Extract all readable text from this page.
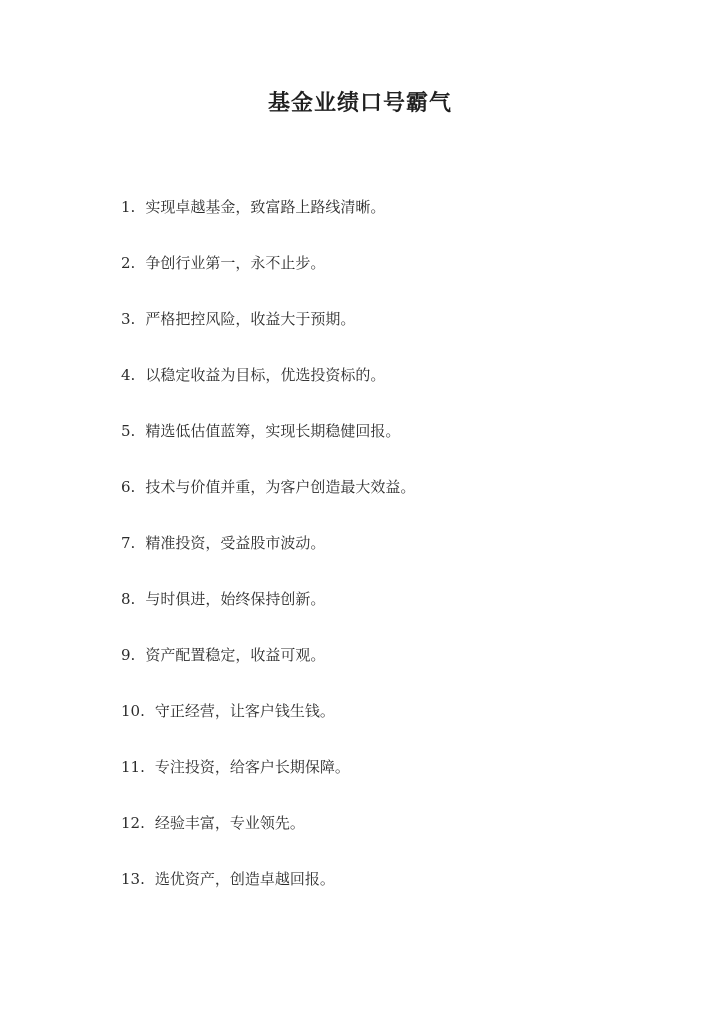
基金业绩口号霸气
1. 实现卓越基金，致富路上路线清晰。
2. 争创行业第一，永不止步。
3. 严格把控风险，收益大于预期。
4. 以稳定收益为目标，优选投资标的。
5. 精选低估值蓝筹，实现长期稳健回报。
6. 技术与价值并重，为客户创造最大效益。
7. 精准投资，受益股市波动。
8. 与时俱进，始终保持创新。
9. 资产配置稳定，收益可观。
10. 守正经营，让客户钱生钱。
11. 专注投资，给客户长期保障。
12. 经验丰富，专业领先。
13. 选优资产，创造卓越回报。
